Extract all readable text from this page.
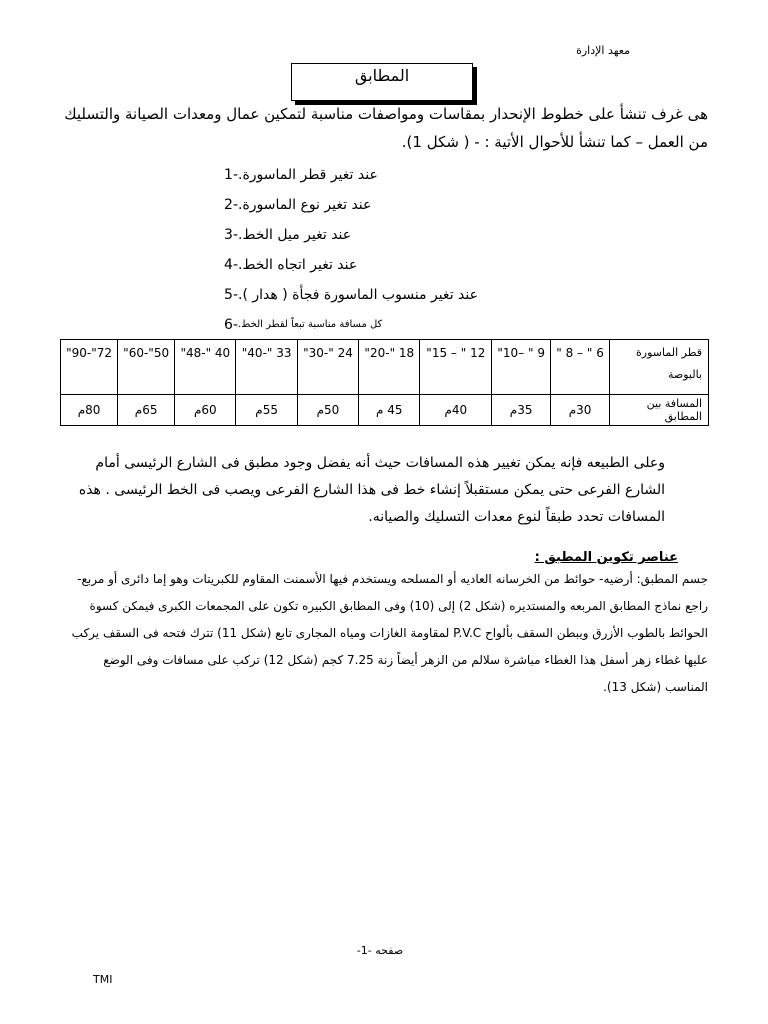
معهد الإدارة
المطابق
هى غرف تنشأ على خطوط الإنحدار بمقاسات ومواصفات مناسبة لتمكين عمال ومعدات الصيانة والتسليك من العمل – كما تنشأ للأحوال الأتية : - ( شكل 1).
-1 عند تغير قطر الماسورة.
-2 عند تغير نوع الماسورة.
-3 عند تغير ميل الخط.
-4 عند تغير اتجاه الخط.
-5 عند تغير منسوب الماسورة فجأة ( هدار ).
-6 كل مسافة مناسبة تبعاً لقطر الخط.
قطر الماسورة بالبوصة	6 " – 8 "	9 " –10"	12 " – 15"	18 "-20"	24 "-30"	33 "-40"	40 "-48"	50"-60"	72"-90"
المسافة بين المطابق	30م	35م	40م	45 م	50م	55م	60م	65م	80م
وعلى الطبيعه فإنه يمكن تغيير هذه المسافات حيث أنه يفضل وجود مطبق فى الشارع الرئيسى أمام الشارع الفرعى حتى يمكن مستقبلاً إنشاء خط فى هذا الشارع الفرعى ويصب فى الخط الرئيسى . هذه المسافات تحدد طبقاً لنوع معدات التسليك والصيانه.
عناصر تكوين المطبق :
جسم المطبق: أرضيه- حوائط من الخرسانه العاديه أو المسلحه ويستخدم فيها الأسمنت المقاوم للكبريتات وهو إما دائرى أو مربع- راجع نماذج المطابق المربعه والمستديره (شكل 2) إلى (10) وفى المطابق الكبيره تكون على المجمعات الكبرى فيمكن كسوة الحوائط بالطوب الأزرق ويبطن السقف بألواح P.V.C لمقاومة الغازات ومياه المجارى تابع (شكل 11) تترك فتحه فى السقف يركب عليها غطاء زهر أسفل هذا الغطاء مباشرة سلالم من الزهر أيضاً زنة 7.25 كجم (شكل 12) تركب على مسافات وفى الوضع المناسب (شكل 13).
صفحه -1-
TMI
